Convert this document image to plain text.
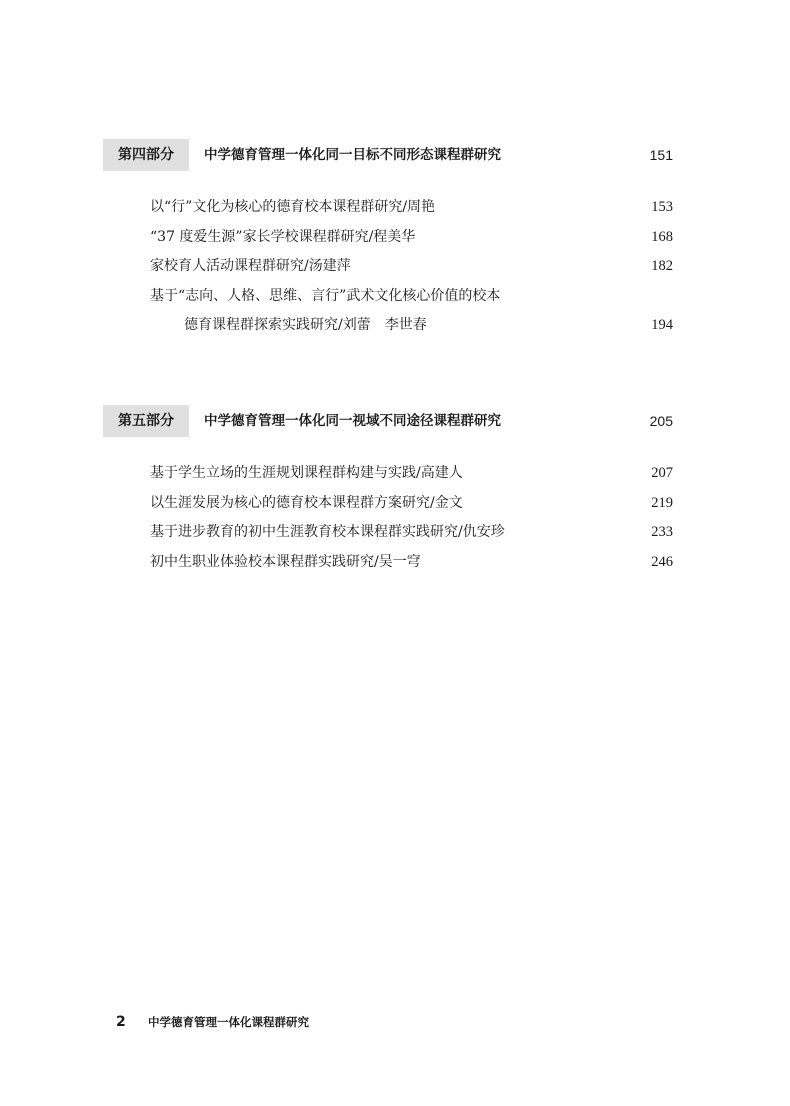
第四部分	中学德育管理一体化同一目标不同形态课程群研究	151
以“行”文化为核心的德育校本课程群研究/周艳	153
“37 度爱生源”家长学校课程群研究/程美华	168
家校育人活动课程群研究/汤建萍	182
基于“志向、人格、思维、言行”武术文化核心价值的校本
德育课程群探索实践研究/刘蕾　李世春	194
第五部分	中学德育管理一体化同一视域不同途径课程群研究	205
基于学生立场的生涯规划课程群构建与实践/高建人	207
以生涯发展为核心的德育校本课程群方案研究/金文	219
基于进步教育的初中生涯教育校本课程群实践研究/仇安珍	233
初中生职业体验校本课程群实践研究/吴一穹	246
2 中学德育管理一体化课程群研究
